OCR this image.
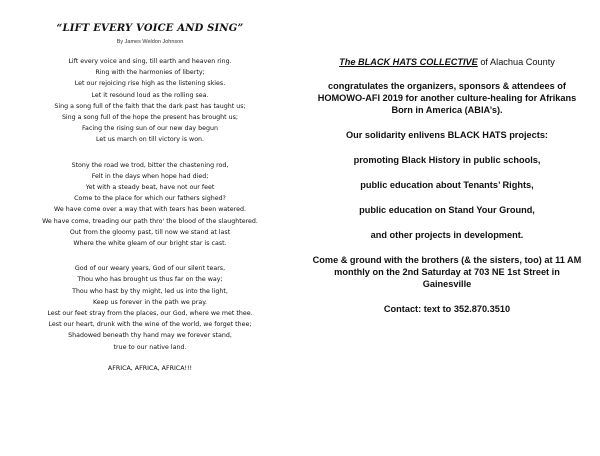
“LIFT EVERY VOICE AND SING”

By James Weldon Johnson

Lift every voice and sing, till earth and heaven ring.
Ring with the harmonies of liberty;
Let our rejoicing rise high as the listening skies.
Let it resound loud as the rolling sea.
Sing a song full of the faith that the dark past has taught us;
Sing a song full of the hope the present has brought us;
Facing the rising sun of our new day begun
Let us march on till victory is won.
Stony the road we trod, bitter the chastening rod,
Felt in the days when hope had died;
Yet with a steady beat, have not our feet
Come to the place for which our fathers sighed?
We have come over a way that with tears has been watered.
We have come, treading our path thro' the blood of the slaughtered.
Out from the gloomy past, till now we stand at last
Where the white gleam of our bright star is cast.
God of our weary years, God of our silent tears,
Thou who has brought us thus far on the way;
Thou who hast by thy might, led us into the light,
Keep us forever in the path we pray.
Lest our feet stray from the places, our God, where we met thee.
Lest our heart, drunk with the wine of the world, we forget thee;
Shadowed beneath thy hand may we forever stand,
true to our native land.
AFRICA, AFRICA, AFRICA!!!

The BLACK HATS COLLECTIVE of Alachua County

congratulates the organizers, sponsors & attendees of HOMOWO-AFI 2019 for another culture-healing for Afrikans Born in America (ABIA’s).

Our solidarity enlivens BLACK HATS projects:

promoting Black History in public schools,

public education about Tenants’ Rights,

public education on Stand Your Ground,

and other projects in development.

Come & ground with the brothers (& the sisters, too) at 11 AM monthly on the 2nd Saturday at 703 NE 1st Street in Gainesville

Contact: text to 352.870.3510
